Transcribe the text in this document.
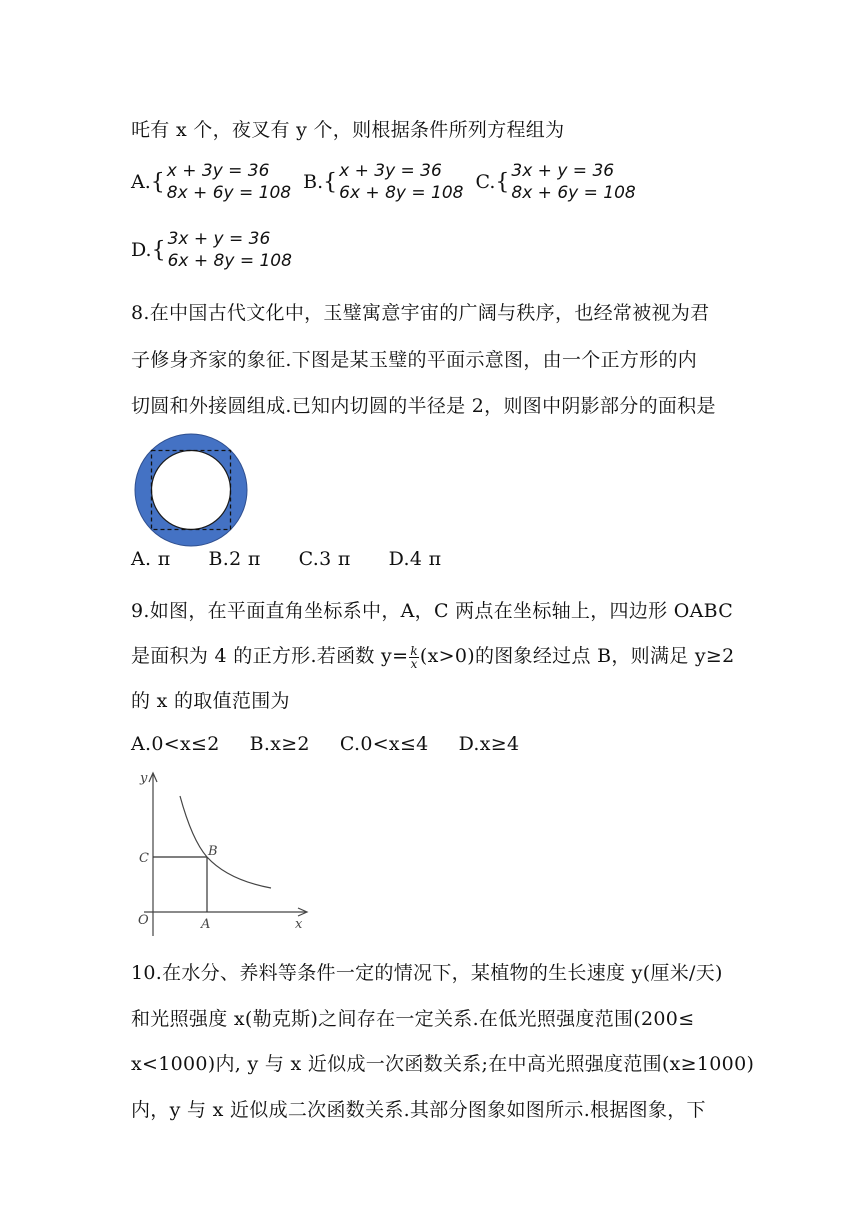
吒有 x 个，夜叉有 y 个，则根据条件所列方程组为
A. { x + 3y = 36
8x + 6y = 108
B. { x + 3y = 36
6x + 8y = 108
C. { 3x + y = 36
8x + 6y = 108
D. { 3x + y = 36
6x + 8y = 108
8.在中国古代文化中，玉璧寓意宇宙的广阔与秩序，也经常被视为君
子修身齐家的象征.下图是某玉璧的平面示意图，由一个正方形的内
切圆和外接圆组成.已知内切圆的半径是 2，则图中阴影部分的面积是
A. π B.2 π C.3 π D.4 π
9.如图，在平面直角坐标系中，A，C 两点在坐标轴上，四边形 OABC
是面积为 4 的正方形.若函数 $y= \frac{k}{x} (x>0)$的图象经过点 B，则满足 y≥2
的 x 的取值范围为
A.0<x≤2 B.x≥2 C.0<x≤4 D.x≥4
y
x
O	A
B
C
10.在水分、养料等条件一定的情况下，某植物的生长速度 y(厘米/天)
和光照强度 x(勒克斯)之间存在一定关系.在低光照强度范围(200≤
x<1000)内, y 与 x 近似成一次函数关系;在中高光照强度范围(x≥1000)
内，y 与 x 近似成二次函数关系.其部分图象如图所示.根据图象，下
